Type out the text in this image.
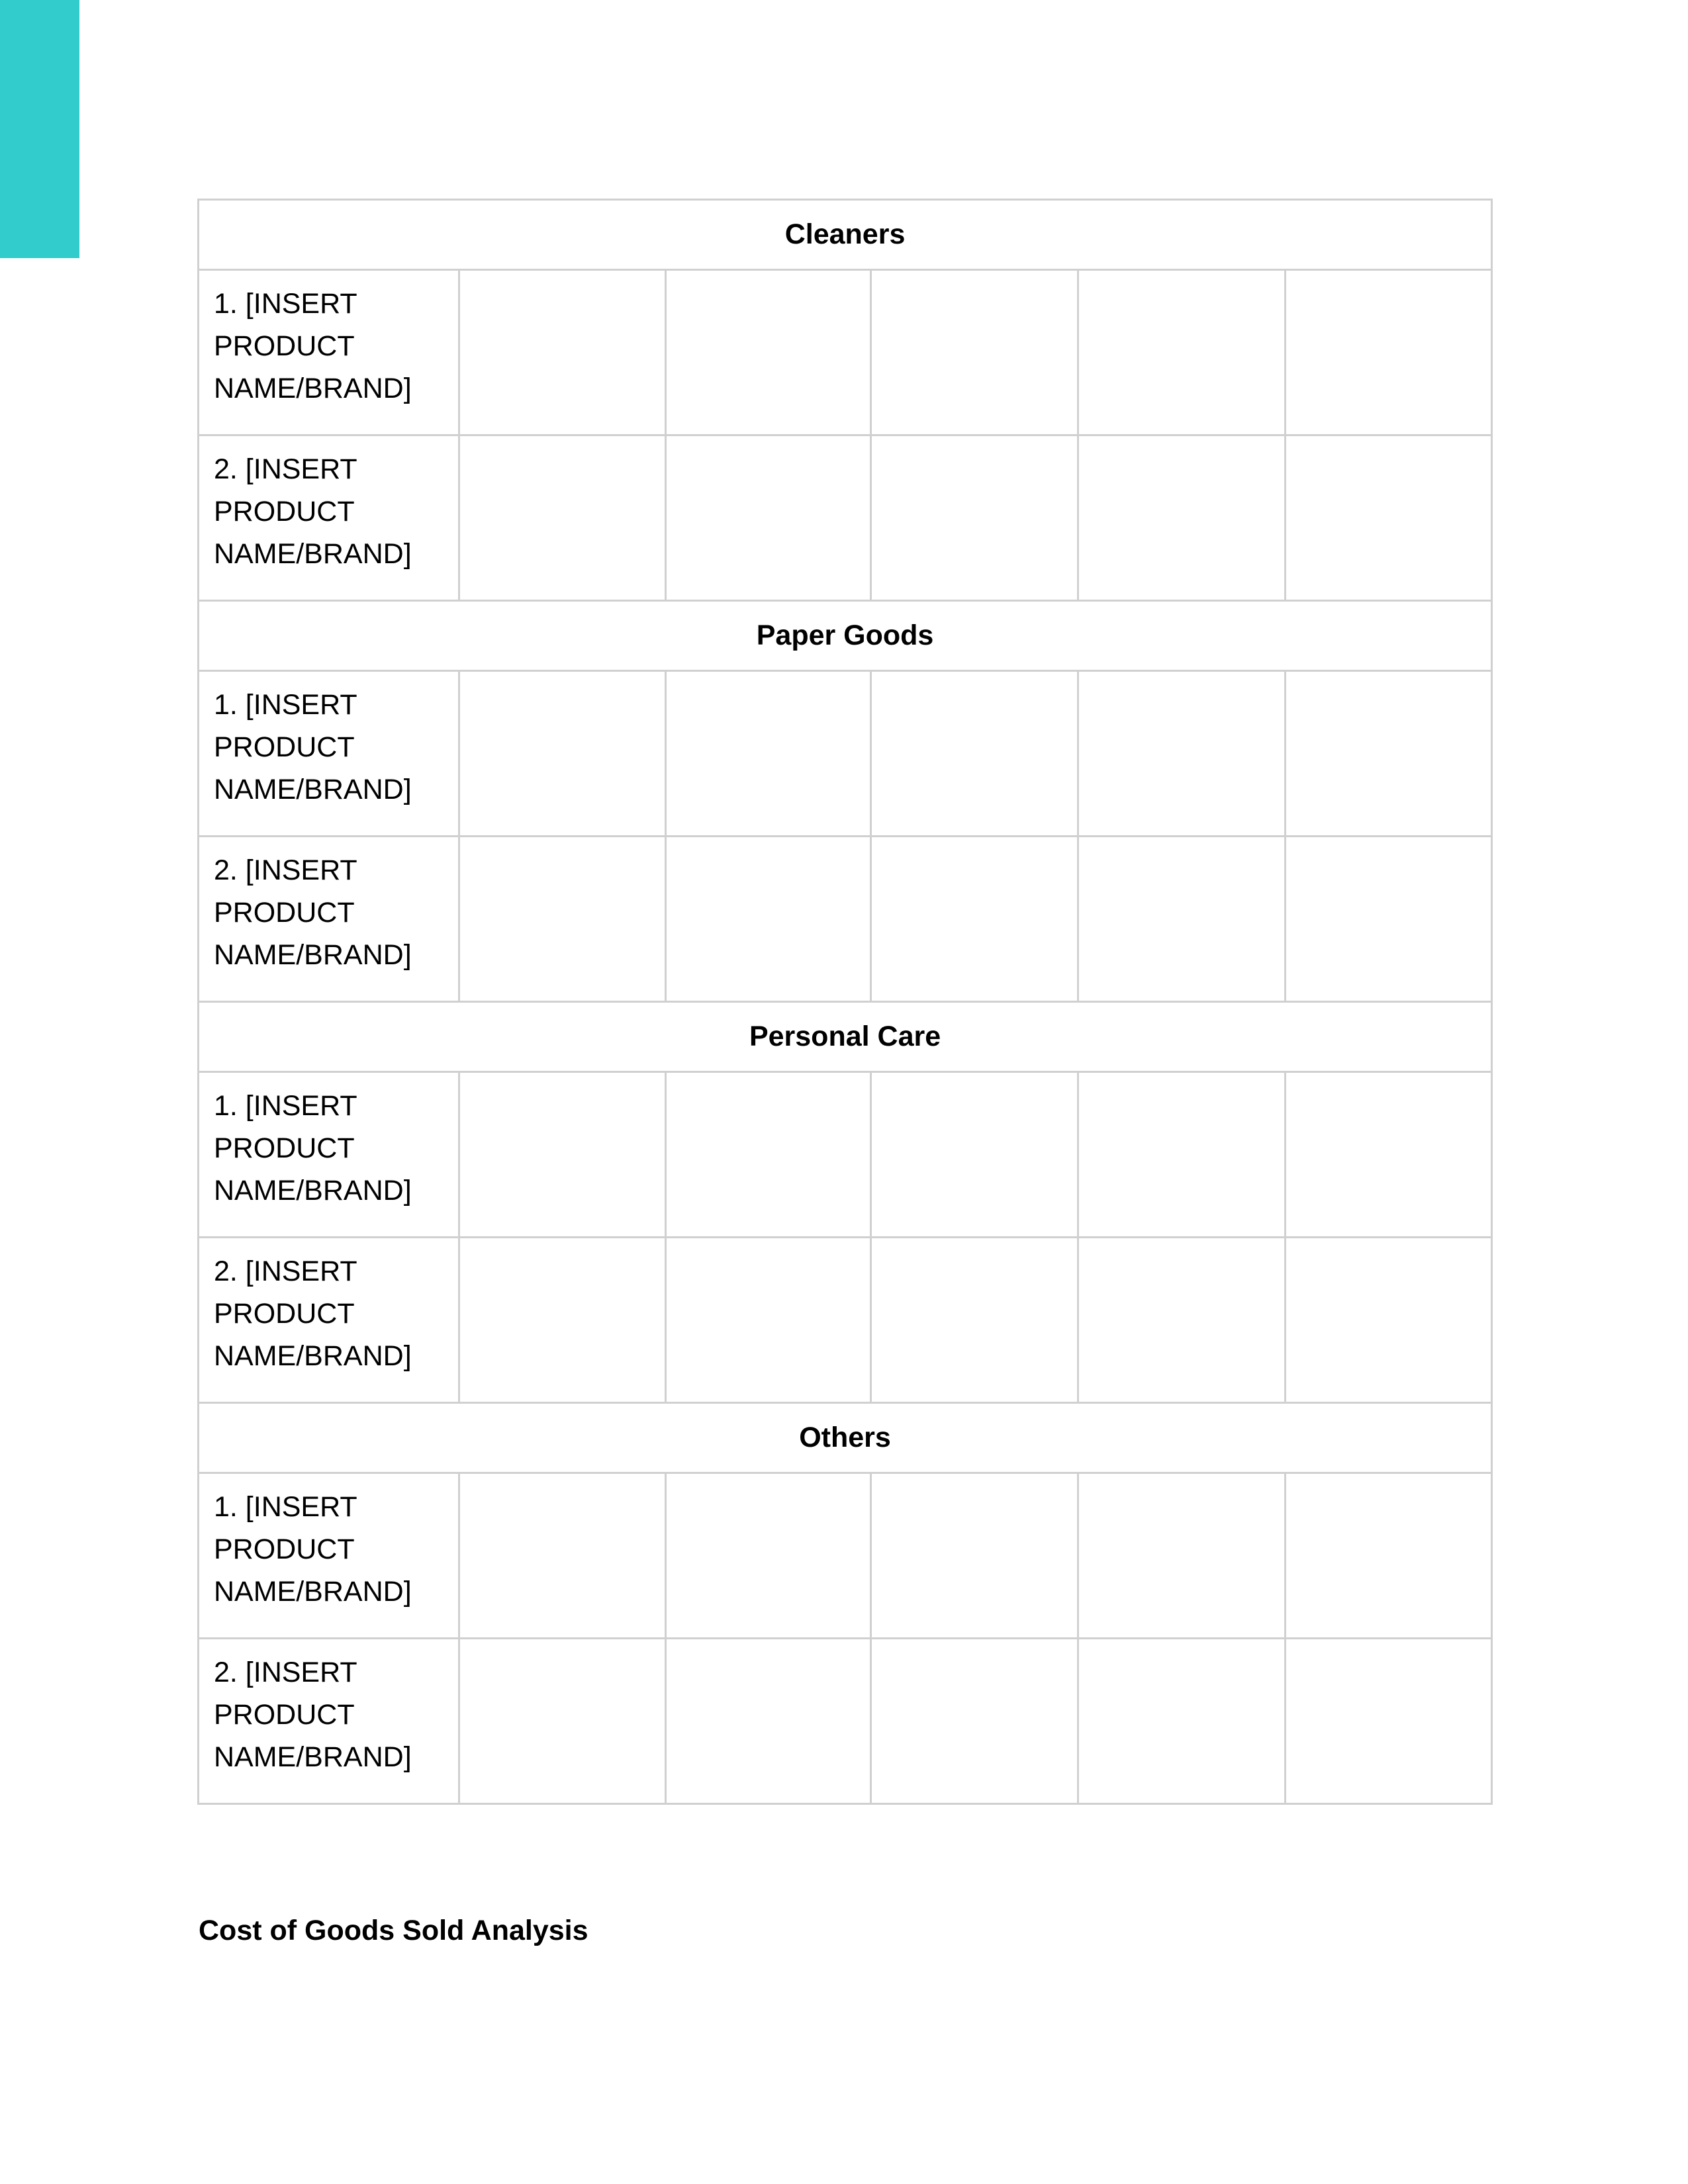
Cleaners					
1. [INSERT PRODUCT NAME/BRAND]					
2. [INSERT PRODUCT NAME/BRAND]					
Paper Goods					
1. [INSERT PRODUCT NAME/BRAND]					
2. [INSERT PRODUCT NAME/BRAND]					
Personal Care					
1. [INSERT PRODUCT NAME/BRAND]					
2. [INSERT PRODUCT NAME/BRAND]					
Others					
1. [INSERT PRODUCT NAME/BRAND]					
2. [INSERT PRODUCT NAME/BRAND]					
Cost of Goods Sold Analysis
